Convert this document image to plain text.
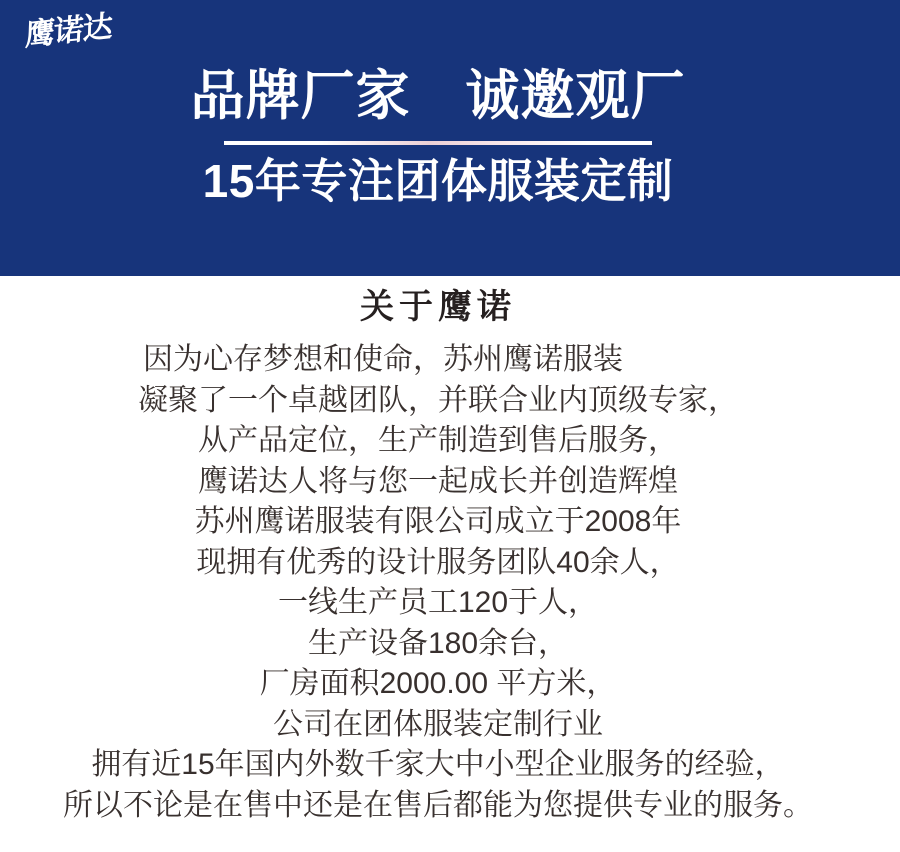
鹰诺达
品牌厂家　诚邀观厂
15年专注团体服装定制
关于鹰诺
因为心存梦想和使命，苏州鹰诺服装
凝聚了一个卓越团队，并联合业内顶级专家，
从产品定位，生产制造到售后服务，
鹰诺达人将与您一起成长并创造辉煌
苏州鹰诺服装有限公司成立于2008年
现拥有优秀的设计服务团队40余人，
一线生产员工120于人，
生产设备180余台，
厂房面积2000.00 平方米，
公司在团体服装定制行业
拥有近15年国内外数千家大中小型企业服务的经验，
所以不论是在售中还是在售后都能为您提供专业的服务。
